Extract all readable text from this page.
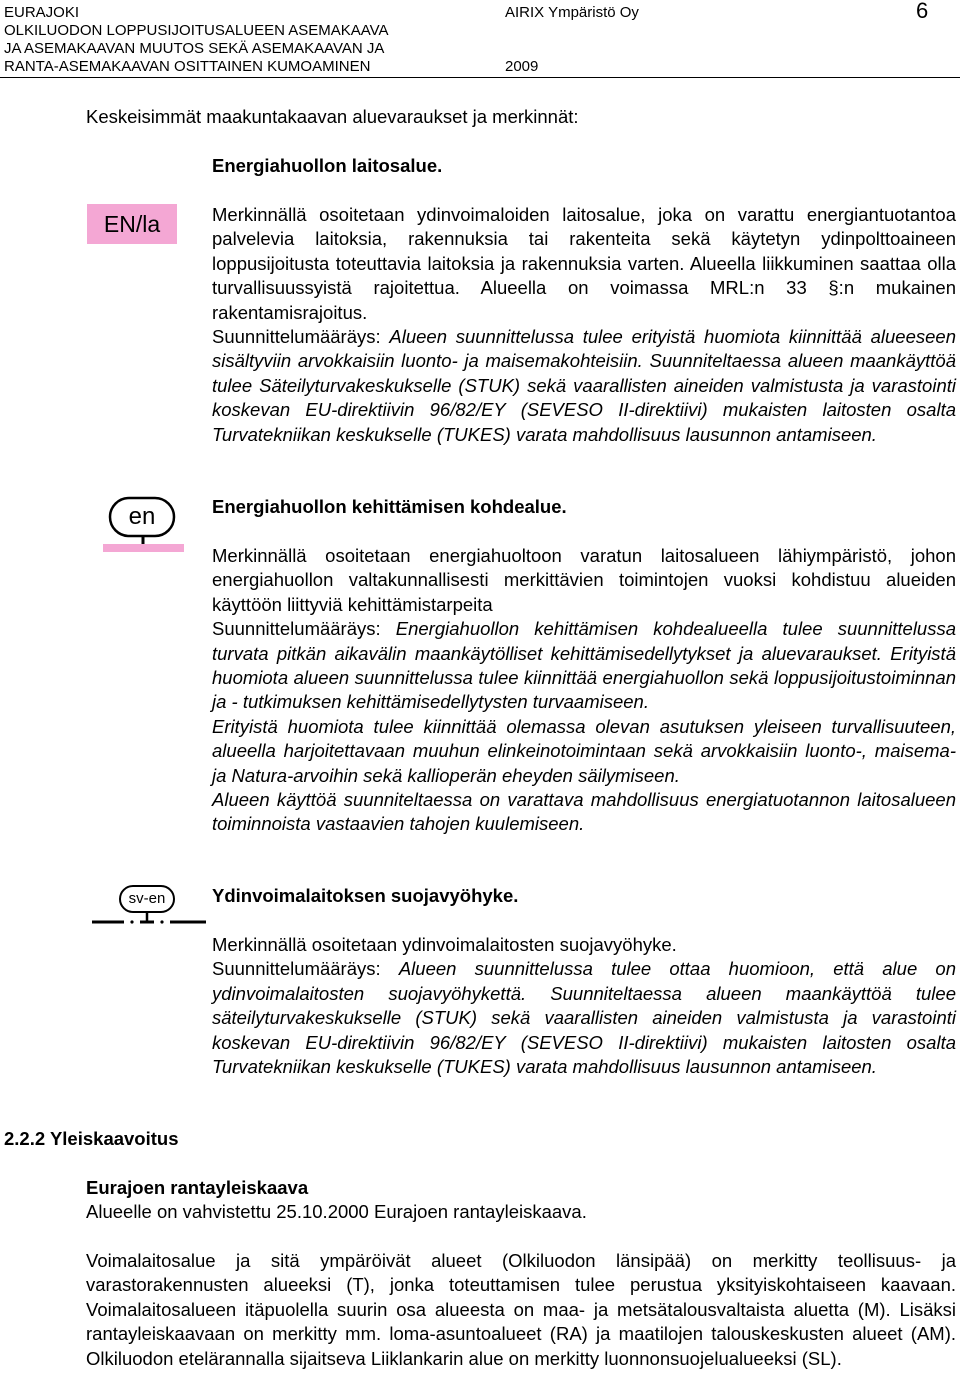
EURAJOKI	AIRIX Ympäristö Oy	6
OLKILUODON LOPPUSIJOITUSALUEEN ASEMAKAAVA
JA ASEMAKAAVAN MUUTOS SEKÄ ASEMAKAAVAN JA
RANTA-ASEMAKAAVAN OSITTAINEN KUMOAMINEN	2009
Keskeisimmät maakuntakaavan aluevaraukset ja merkinnät:
Energiahuollon laitosalue.
EN/la	Merkinnällä osoitetaan ydinvoimaloiden laitosalue, joka on varattu energiantuotantoa palvelevia laitoksia, rakennuksia tai rakenteita sekä käytetyn ydinpolttoaineen loppusijoitusta toteuttavia laitoksia ja rakennuksia varten. Alueella liikkuminen saattaa olla turvallisuussyistä rajoitettua. Alueella on voimassa MRL:n 33 §:n mukainen rakentamisrajoitus.

Suunnittelumääräys: Alueen suunnittelussa tulee erityistä huomiota kiinnittää alueeseen sisältyviin arvokkaisiin luonto- ja maisemakohteisiin. Suunniteltaessa alueen maankäyttöä tulee Säteilyturvakeskukselle (STUK) sekä vaarallisten aineiden valmistusta ja varastointi koskevan EU-direktiivin 96/82/EY (SEVESO II-direktiivi) mukaisten laitosten osalta Turvatekniikan keskukselle (TUKES) varata mahdollisuus lausunnon antamiseen.

Energiahuollon kehittämisen kohdealue.
en

Merkinnällä osoitetaan energiahuoltoon varatun laitosalueen lähiympäristö, johon energiahuollon valtakunnallisesti merkittävien toimintojen vuoksi kohdistuu alueiden käyttöön liittyviä kehittämistarpeita

Suunnittelumääräys: Energiahuollon kehittämisen kohdealueella tulee suunnittelussa turvata pitkän aikavälin maankäytölliset kehittämisedellytykset ja aluevaraukset. Erityistä huomiota alueen suunnittelussa tulee kiinnittää energiahuollon sekä loppusijoitustoiminnan ja - tutkimuksen kehittämisedellytysten turvaamiseen.

Erityistä huomiota tulee kiinnittää olemassa olevan asutuksen yleiseen turvallisuuteen, alueella harjoitettavaan muuhun elinkeinotoimintaan sekä arvokkaisiin luonto-, maisema- ja Natura-arvoihin sekä kallioperän eheyden säilymiseen.

Alueen käyttöä suunniteltaessa on varattava mahdollisuus energiatuotannon laitosalueen toiminnoista vastaavien tahojen kuulemiseen.

Ydinvoimalaitoksen suojavyöhyke.
sv-en

Merkinnällä osoitetaan ydinvoimalaitosten suojavyöhyke.

Suunnittelumääräys: Alueen suunnittelussa tulee ottaa huomioon, että alue on ydinvoimalaitosten suojavyöhykettä. Suunniteltaessa alueen maankäyttöä tulee säteilyturvakeskukselle (STUK) sekä vaarallisten aineiden valmistusta ja varastointi koskevan EU-direktiivin 96/82/EY (SEVESO II-direktiivi) mukaisten laitosten osalta Turvatekniikan keskukselle (TUKES) varata mahdollisuus lausunnon antamiseen.

2.2.2 Yleiskaavoitus
Eurajoen rantayleiskaava
Alueelle on vahvistettu 25.10.2000 Eurajoen rantayleiskaava.
Voimalaitosalue ja sitä ympäröivät alueet (Olkiluodon länsipää) on merkitty teollisuus- ja varastorakennusten alueeksi (T), jonka toteuttamisen tulee perustua yksityiskohtaiseen kaavaan. Voimalaitosalueen itäpuolella suurin osa alueesta on maa- ja metsätalousvaltaista aluetta (M). Lisäksi rantayleiskaavaan on merkitty mm. loma-asuntoalueet (RA) ja maatilojen talouskeskusten alueet (AM). Olkiluodon etelärannalla sijaitseva Liiklankarin alue on merkitty luonnonsuojelualueeksi (SL).
